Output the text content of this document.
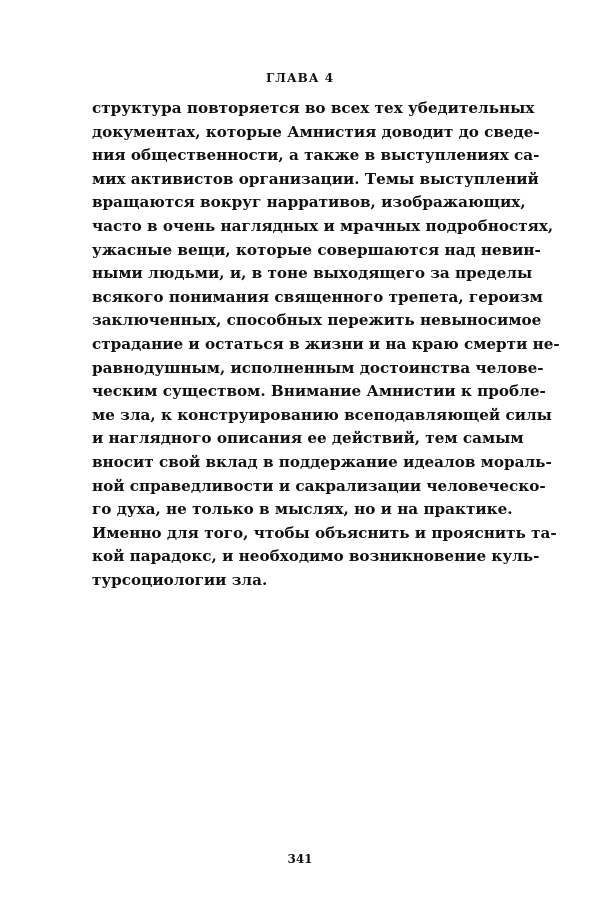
ГЛАВА 4
структура повторяется во всех тех убедительных
документах, которые Амнистия доводит до сведе-
ния общественности, а также в выступлениях са-
мих активистов организации. Темы выступлений
вращаются вокруг нарративов, изображающих,
часто в очень наглядных и мрачных подробностях,
ужасные вещи, которые совершаются над невин-
ными людьми, и, в тоне выходящего за пределы
всякого понимания священного трепета, героизм
заключенных, способных пережить невыносимое
страдание и остаться в жизни и на краю смерти не-
равнодушным, исполненным достоинства челове-
ческим существом. Внимание Амнистии к пробле-
ме зла, к конструированию всеподавляющей силы
и наглядного описания ее действий, тем самым
вносит свой вклад в поддержание идеалов мораль-
ной справедливости и сакрализации человеческо-
го духа, не только в мыслях, но и на практике.
Именно для того, чтобы объяснить и прояснить та-
кой парадокс, и необходимо возникновение куль-
турсоциологии зла.
341
